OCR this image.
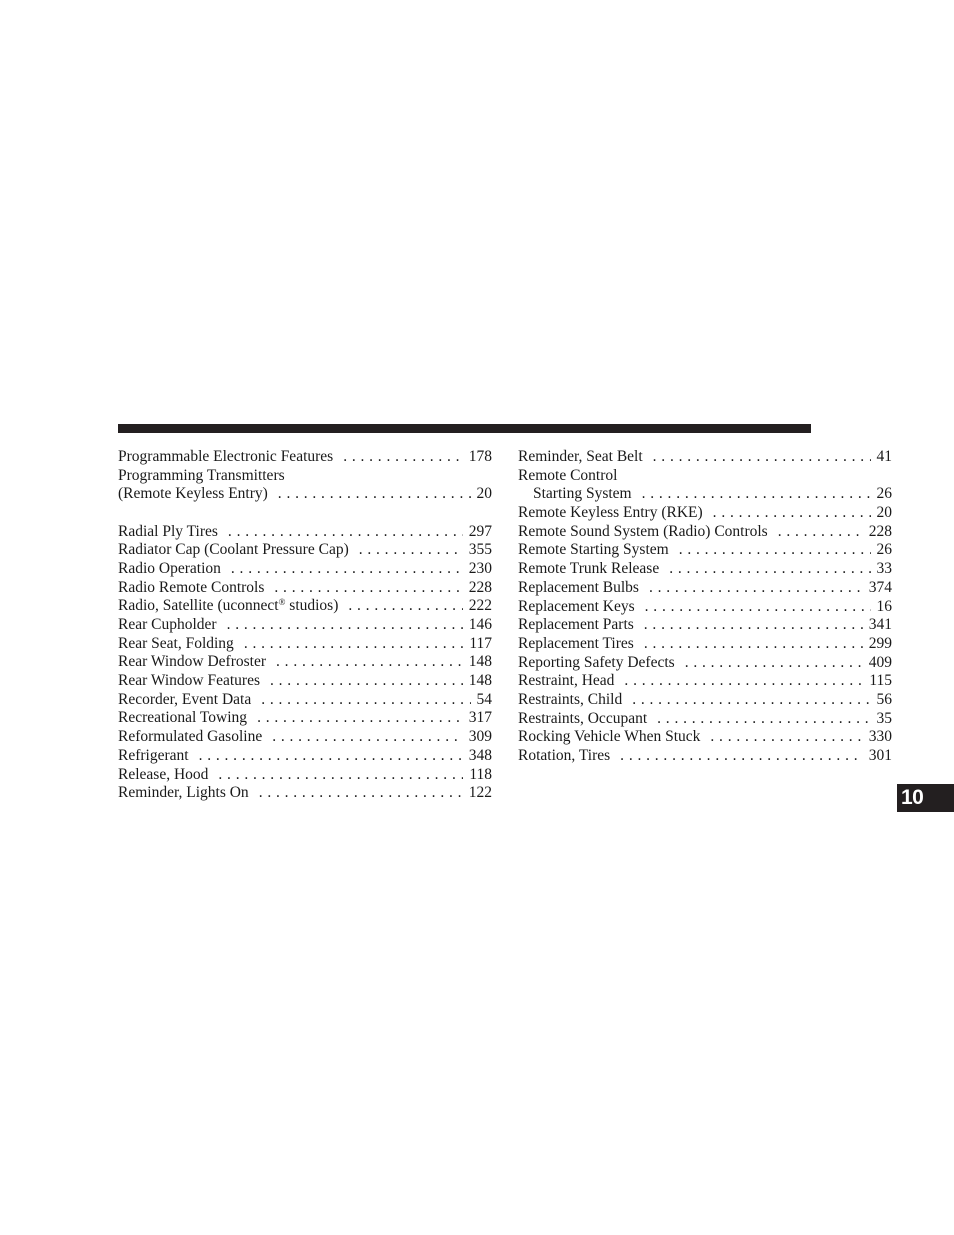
Programmable Electronic Features . . .	178
Programming Transmitters
(Remote Keyless Entry) . . .	20
Radial Ply Tires . . .	297
Radiator Cap (Coolant Pressure Cap) . . .	355
Radio Operation . . .	230
Radio Remote Controls . . .	228
Radio, Satellite (uconnect® studios) . . .	222
Rear Cupholder . . .	146
Rear Seat, Folding . . .	117
Rear Window Defroster . . .	148
Rear Window Features . . .	148
Recorder, Event Data . . .	54
Recreational Towing . . .	317
Reformulated Gasoline . . .	309
Refrigerant . . .	348
Release, Hood . . .	118
Reminder, Lights On . . .	122
Reminder, Seat Belt . . .	41
Remote Control
Starting System . . .	26
Remote Keyless Entry (RKE) . . .	20
Remote Sound System (Radio) Controls . . .	228
Remote Starting System . . .	26
Remote Trunk Release . . .	33
Replacement Bulbs . . .	374
Replacement Keys . . .	16
Replacement Parts . . .	341
Replacement Tires . . .	299
Reporting Safety Defects . . .	409
Restraint, Head . . .	115
Restraints, Child . . .	56
Restraints, Occupant . . .	35
Rocking Vehicle When Stuck . . .	330
Rotation, Tires . . .	301
10
